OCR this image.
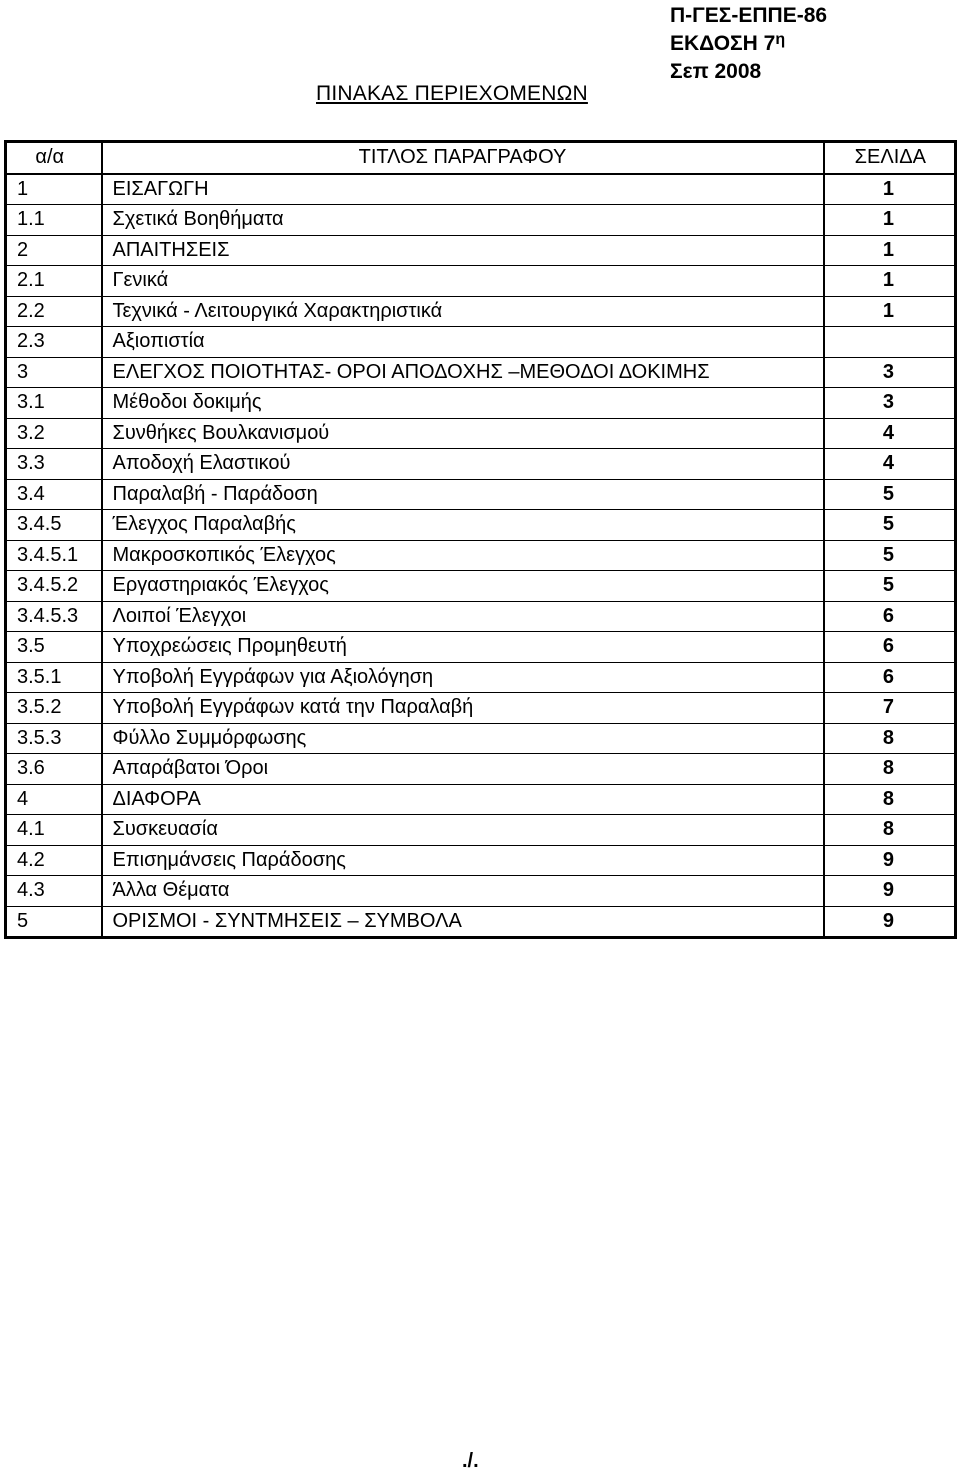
Π-ΓΕΣ-ΕΠΠΕ-86
ΕΚΔΟΣΗ $7^\eta$
Σεπ 2008
ΠΙΝΑΚΑΣ ΠΕΡΙΕΧΟΜΕΝΩΝ
α/α	ΤΙΤΛΟΣ ΠΑΡΑΓΡΑΦΟΥ	ΣΕΛΙΔΑ
1	ΕΙΣΑΓΩΓΗ	1
1.1	Σχετικά Βοηθήματα	1
2	ΑΠΑΙΤΗΣΕΙΣ	1
2.1	Γενικά	1
2.2	Τεχνικά - Λειτουργικά Χαρακτηριστικά	1
2.3	Αξιοπιστία	
3	ΕΛΕΓΧΟΣ ΠΟΙΟΤΗΤΑΣ- ΟΡΟΙ ΑΠΟΔΟΧΗΣ –ΜΕΘΟΔΟΙ ΔΟΚΙΜΗΣ	3
3.1	Μέθοδοι δοκιμής	3
3.2	Συνθήκες Βουλκανισμού	4
3.3	Αποδοχή Ελαστικού	4
3.4	Παραλαβή - Παράδοση	5
3.4.5	Έλεγχος Παραλαβής	5
3.4.5.1	Μακροσκοπικός Έλεγχος	5
3.4.5.2	Εργαστηριακός Έλεγχος	5
3.4.5.3	Λοιποί Έλεγχοι	6
3.5	Υποχρεώσεις Προμηθευτή	6
3.5.1	Υποβολή Εγγράφων για Αξιολόγηση	6
3.5.2	Υποβολή Εγγράφων κατά την Παραλαβή	7
3.5.3	Φύλλο Συμμόρφωσης	8
3.6	Απαράβατοι Όροι	8
4	ΔΙΑΦΟΡΑ	8
4.1	Συσκευασία	8
4.2	Επισημάνσεις Παράδοσης	9
4.3	Άλλα Θέματα	9
5	ΟΡΙΣΜΟΙ - ΣΥΝΤΜΗΣΕΙΣ – ΣΥΜΒΟΛΑ	9
./.
